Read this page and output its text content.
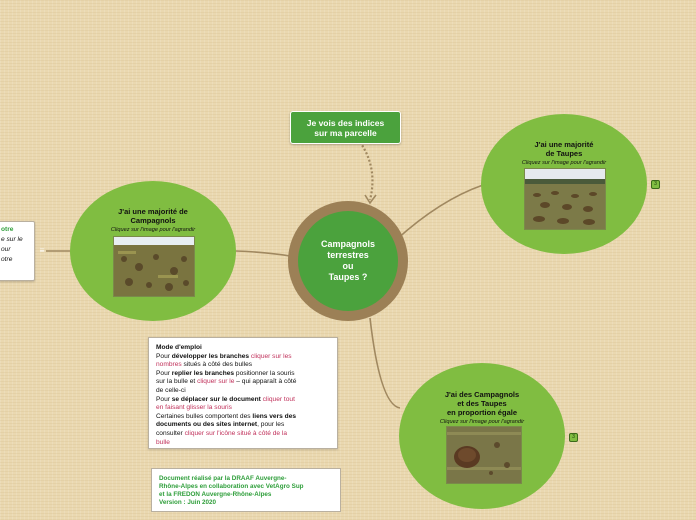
otre
e sur le
our
otre
≡
J'ai une majorité de
Campagnols
Cliquez sur l'image pour l'agrandir
Campagnols
terrestres
ou
Taupes ?
Je vois des indices
sur ma parcelle
J'ai une majorité
de Taupes
Cliquez sur l'image pour l'agrandir
3
J'ai des Campagnols
et des Taupes
en proportion égale
Cliquez sur l'image pour l'agrandir
3

Mode d'emploi

Pour développer les branches cliquer sur les

nombres situés à côté des bulles

Pour replier les branches positionner la souris

sur la bulle et cliquer sur le – qui apparaît à côté

de celle-ci

Pour se déplacer sur le document cliquer tout

en faisant glisser la souris

Certaines bulles comportent des liens vers des

documents ou des sites internet, pour les

consulter cliquer sur l'icône situé à côté de la

bulle

Document réalisé par la DRAAF Auvergne-
Rhône-Alpes en collaboration avec VetAgro Sup
et la FREDON Auvergne-Rhône-Alpes
Version : Juin 2020
